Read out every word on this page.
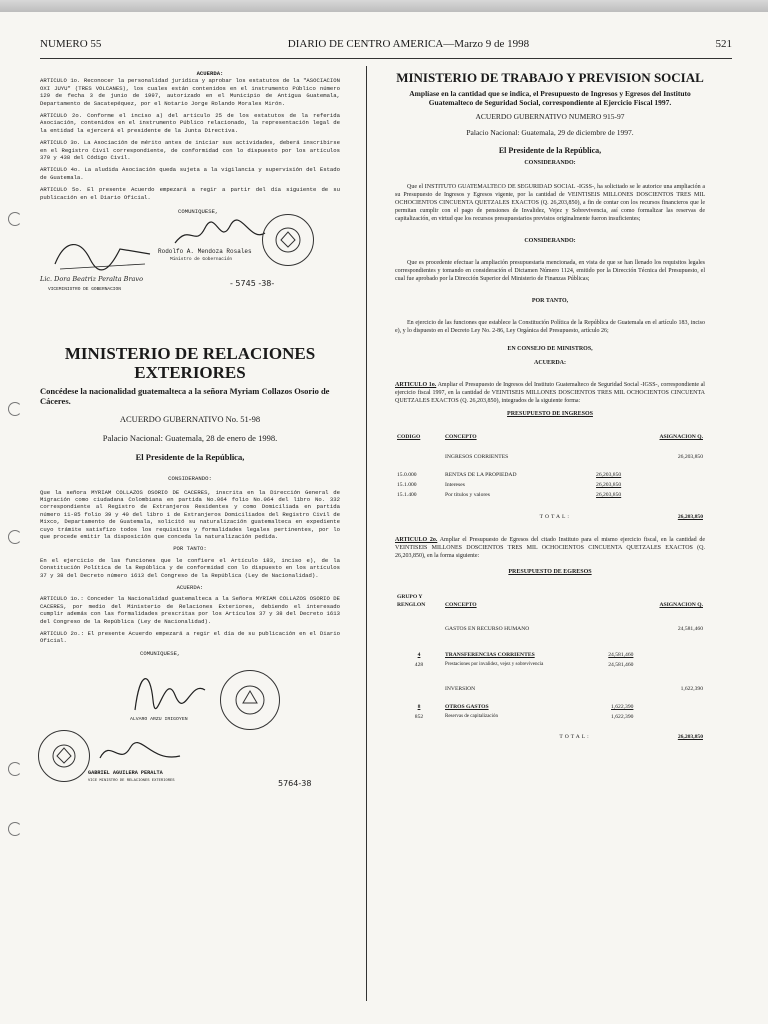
NUMERO 55	DIARIO DE CENTRO AMERICA—Marzo 9 de 1998	521
ACUERDA:

ARTICULO 1o. Reconocer la personalidad jurídica y aprobar los estatutos de la "ASOCIACION OXI JUYU" (TRES VOLCANES), los cuales están contenidos en el instrumento Público número 129 de fecha 3 de junio de 1997, autorizado en el Municipio de Antigua Guatemala, Departamento de Sacatepéquez, por el Notario Jorge Rolando Morales Mirón.

ARTICULO 2o. Conforme el inciso a) del artículo 25 de los estatutos de la referida Asociación, contenidos en el instrumento Público relacionado, la representación legal de la entidad la ejercerá el presidente de la Junta Directiva.

ARTICULO 3o. La Asociación de mérito antes de iniciar sus actividades, deberá inscribirse en el Registro Civil correspondiente, de conformidad con lo dispuesto por los artículos 370 y 438 del Código Civil.

ARTICULO 4o. La aludida Asociación queda sujeta a la vigilancia y supervisión del Estado de Guatemala.

ARTICULO 5o. El presente Acuerdo empezará a regir a partir del día siguiente de su publicación en el Diario Oficial.

COMUNIQUESE,
Rodolfo A. Mendoza Rosales
Ministro de Gobernación
Lic. Dora Beatriz Peralta Bravo
VICEMINISTRO DE GOBERNACION
- 5745 -38-
MINISTERIO DE RELACIONES EXTERIORES
Concédese la nacionalidad guatemalteca a la señora Myriam Collazos Osorio de Cáceres.
ACUERDO GUBERNATIVO No. 51-98
Palacio Nacional: Guatemala, 28 de enero de 1998.
El Presidente de la República,
CONSIDERANDO:

Que la señora MYRIAM COLLAZOS OSORIO DE CACERES, inscrita en la Dirección General de Migración como ciudadana Colombiana en partida No.064 folio No.064 del libro No. 332 correspondiente al Registro de Extranjeros Residentes y como Domiciliada en partida número 11-85 folio 39 y 40 del libro 1 de Extranjeros Domiciliados del Registro Civil de Mixco, Departamento de Guatemala, solicitó su naturalización guatemalteca en expediente cuyo trámite satisfizo todos los requisitos y formalidades legales pertinentes, por lo que procede emitir la disposición que conceda la naturalización pedida.

POR TANTO:

En el ejercicio de las funciones que le confiere el Artículo 183, inciso e), de la Constitución Política de la República y de conformidad con lo dispuesto en los artículos 37 y 38 del Decreto número 1613 del Congreso de la República (Ley de Nacionalidad).

ACUERDA:

ARTICULO 1o.: Conceder la Nacionalidad guatemalteca a la Señora MYRIAM COLLAZOS OSORIO DE CACERES, por medio del Ministerio de Relaciones Exteriores, debiendo el interesado cumplir además con las formalidades prescritas por los Artículos 37 y 38 del Decreto 1613 del Congreso de la República (Ley de Nacionalidad).

ARTICULO 2o.: El presente Acuerdo empezará a regir el día de su publicación en el Diario Oficial.

COMUNIQUESE,
ALVARO ARZU IRIGOYEN
GABRIEL AGUILERA PERALTA
VICE MINISTRO DE RELACIONES EXTERIORES	5764-38
MINISTERIO DE TRABAJO Y PREVISION SOCIAL
Amplíase en la cantidad que se indica, el Presupuesto de Ingresos y Egresos del Instituto Guatemalteco de Seguridad Social, correspondiente al Ejercicio Fiscal 1997.
ACUERDO GUBERNATIVO NUMERO 915-97
Palacio Nacional: Guatemala, 29 de diciembre de 1997.
El Presidente de la República,
CONSIDERANDO:

Que el INSTITUTO GUATEMALTECO DE SEGURIDAD SOCIAL -IGSS-, ha solicitado se le autorice una ampliación a su Presupuesto de Ingresos y Egresos vigente, por la cantidad de VEINTISEIS MILLONES DOSCIENTOS TRES MIL OCHOCIENTOS CINCUENTA QUETZALES EXACTOS (Q. 26,203,850), a fin de contar con los recursos financieros que le permitan cumplir con el pago de pensiones de Invalidez, Vejez y Sobrevivencia, así como formalizar las reservas de capitalización, en virtud que los recursos presupuestarios previstos originalmente fueron insuficientes;

CONSIDERANDO:

Que es procedente efectuar la ampliación presupuestaria mencionada, en vista de que se han llenado los requisitos legales correspondientes y tomando en consideración el Dictamen Número 1124, emitido por la Dirección Técnica del Presupuesto, el cual fue aprobado por la Dirección Superior del Ministerio de Finanzas Públicas;

POR TANTO,

En ejercicio de las funciones que establece la Constitución Política de la República de Guatemala en el artículo 183, inciso e), y lo dispuesto en el Decreto Ley No. 2-86, Ley Orgánica del Presupuesto, artículo 26;

EN CONSEJO DE MINISTROS,
ACUERDA:

ARTICULO 1o. Ampliar el Presupuesto de Ingresos del Instituto Guatemalteco de Seguridad Social -IGSS-, correspondiente al ejercicio fiscal 1997, en la cantidad de VEINTISEIS MILLONES DOSCIENTOS TRES MIL OCHOCIENTOS CINCUENTA QUETZALES EXACTOS (Q. 26,203,850), integrados de la siguiente forma:

PRESUPUESTO DE INGRESOS
CODIGO	CONCEPTO		ASIGNACION Q.

	INGRESOS CORRIENTES		26,203,850

15.0.000	RENTAS DE LA PROPIEDAD	26,203,850	
15.1.000	Intereses	26,203,850	
15.1.400	Por títulos y valores	26,203,850	

	TOTAL:		26,203,850

ARTICULO 2o. Ampliar el Presupuesto de Egresos del citado Instituto para el mismo ejercicio fiscal, en la cantidad de VEINTISEIS MILLONES DOSCIENTOS TRES MIL OCHOCIENTOS CINCUENTA QUETZALES EXACTOS (Q. 26,203,850), en la forma siguiente:

PRESUPUESTO DE EGRESOS
GRUPO Y RENGLON	CONCEPTO		ASIGNACION Q.

	GASTOS EN RECURSO HUMANO		24,581,460

4	TRANSFERENCIAS CORRIENTES	24,581,460	
428	Prestaciones por invalidez, vejez y sobrevivencia	24,581,460	

	INVERSION		1,622,390

8	OTROS GASTOS	1,622,390	
852	Reservas de capitalización	1,622,390	

	TOTAL:		26,203,850
